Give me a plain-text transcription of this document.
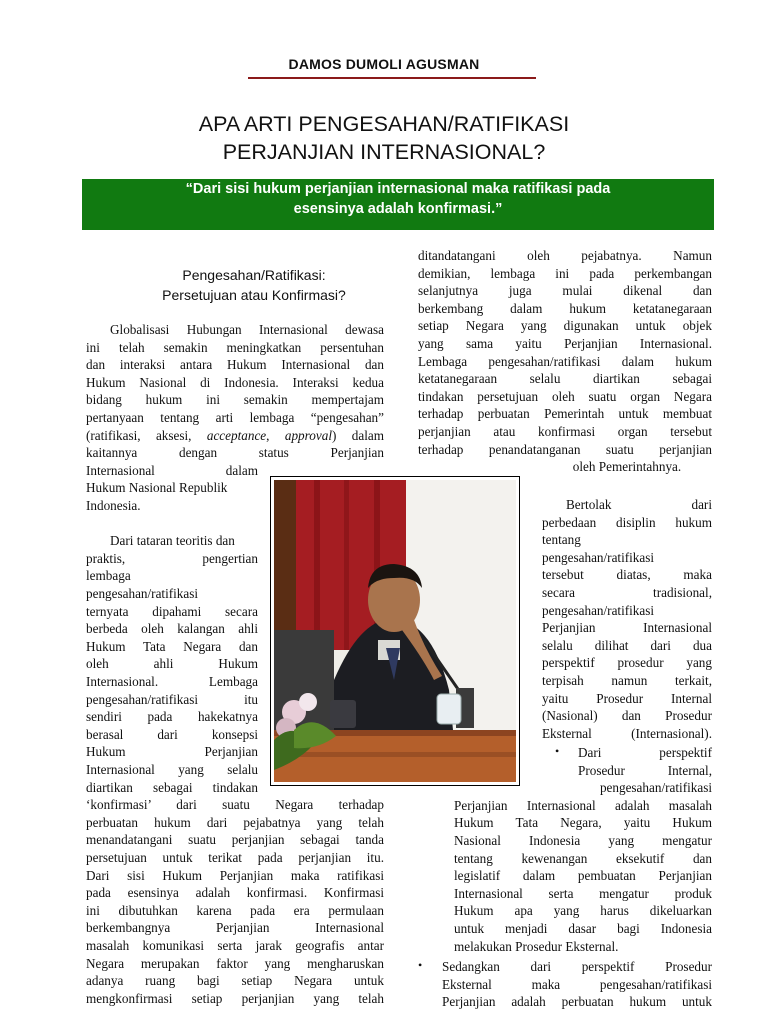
DAMOS DUMOLI AGUSMAN
APA ARTI PENGESAHAN/RATIFIKASI
PERJANJIAN INTERNASIONAL?
“Dari sisi hukum perjanjian internasional maka ratifikasi pada
esensinya adalah konfirmasi.”
Pengesahan/Ratifikasi:
Persetujuan atau Konfirmasi?
Globalisasi Hubungan Internasional dewasa
ini telah semakin meningkatkan persentuhan
dan interaksi antara Hukum Internasional dan
Hukum Nasional di Indonesia. Interaksi kedua
bidang hukum ini semakin mempertajam
pertanyaan tentang arti lembaga “pengesahan”
(ratifikasi, aksesi, acceptance, approval) dalam
kaitannya dengan status Perjanjian
Internasional dalam
Hukum Nasional Republik
Indonesia.
Dari tataran teoritis dan
praktis, pengertian
lembaga
pengesahan/ratifikasi
ternyata dipahami secara
berbeda oleh kalangan ahli
Hukum Tata Negara dan
oleh ahli Hukum
Internasional. Lembaga
pengesahan/ratifikasi itu
sendiri pada hakekatnya
berasal dari konsepsi
Hukum Perjanjian
Internasional yang selalu
diartikan sebagai tindakan
‘konfirmasi’ dari suatu Negara terhadap
perbuatan hukum dari pejabatnya yang telah
menandatangani suatu perjanjian sebagai tanda
persetujuan untuk terikat pada perjanjian itu.
Dari sisi Hukum Perjanjian maka ratifikasi
pada esensinya adalah konfirmasi. Konfirmasi
ini dibutuhkan karena pada era permulaan
berkembangnya Perjanjian Internasional
masalah komunikasi serta jarak geografis antar
Negara merupakan faktor yang mengharuskan
adanya ruang bagi setiap Negara untuk
mengkonfirmasi setiap perjanjian yang telah
ditandatangani oleh pejabatnya. Namun
demikian, lembaga ini pada perkembangan
selanjutnya juga mulai dikenal dan
berkembang dalam hukum ketatanegaraan
setiap Negara yang digunakan untuk objek
yang sama yaitu Perjanjian Internasional.
Lembaga pengesahan/ratifikasi dalam hukum
ketatanegaraan selalu diartikan sebagai
tindakan persetujuan oleh suatu organ Negara
terhadap perbuatan Pemerintah untuk membuat
perjanjian atau konfirmasi organ tersebut
terhadap penandatanganan suatu perjanjian
oleh Pemerintahnya.
Bertolak dari
perbedaan disiplin hukum
tentang
pengesahan/ratifikasi
tersebut diatas, maka
secara tradisional,
pengesahan/ratifikasi
Perjanjian Internasional
selalu dilihat dari dua
perspektif prosedur yang
terpisah namun terkait,
yaitu Prosedur Internal
(Nasional) dan Prosedur
Eksternal (Internasional).
• Dari perspektif
Prosedur Internal,
pengesahan/ratifikasi
Perjanjian Internasional adalah masalah
Hukum Tata Negara, yaitu Hukum
Nasional Indonesia yang mengatur
tentang kewenangan eksekutif dan
legislatif dalam pembuatan Perjanjian
Internasional serta mengatur produk
Hukum apa yang harus dikeluarkan
untuk menjadi dasar bagi Indonesia
melakukan Prosedur Eksternal.
• Sedangkan dari perspektif Prosedur
Eksternal maka pengesahan/ratifikasi
Perjanjian adalah perbuatan hukum untuk
